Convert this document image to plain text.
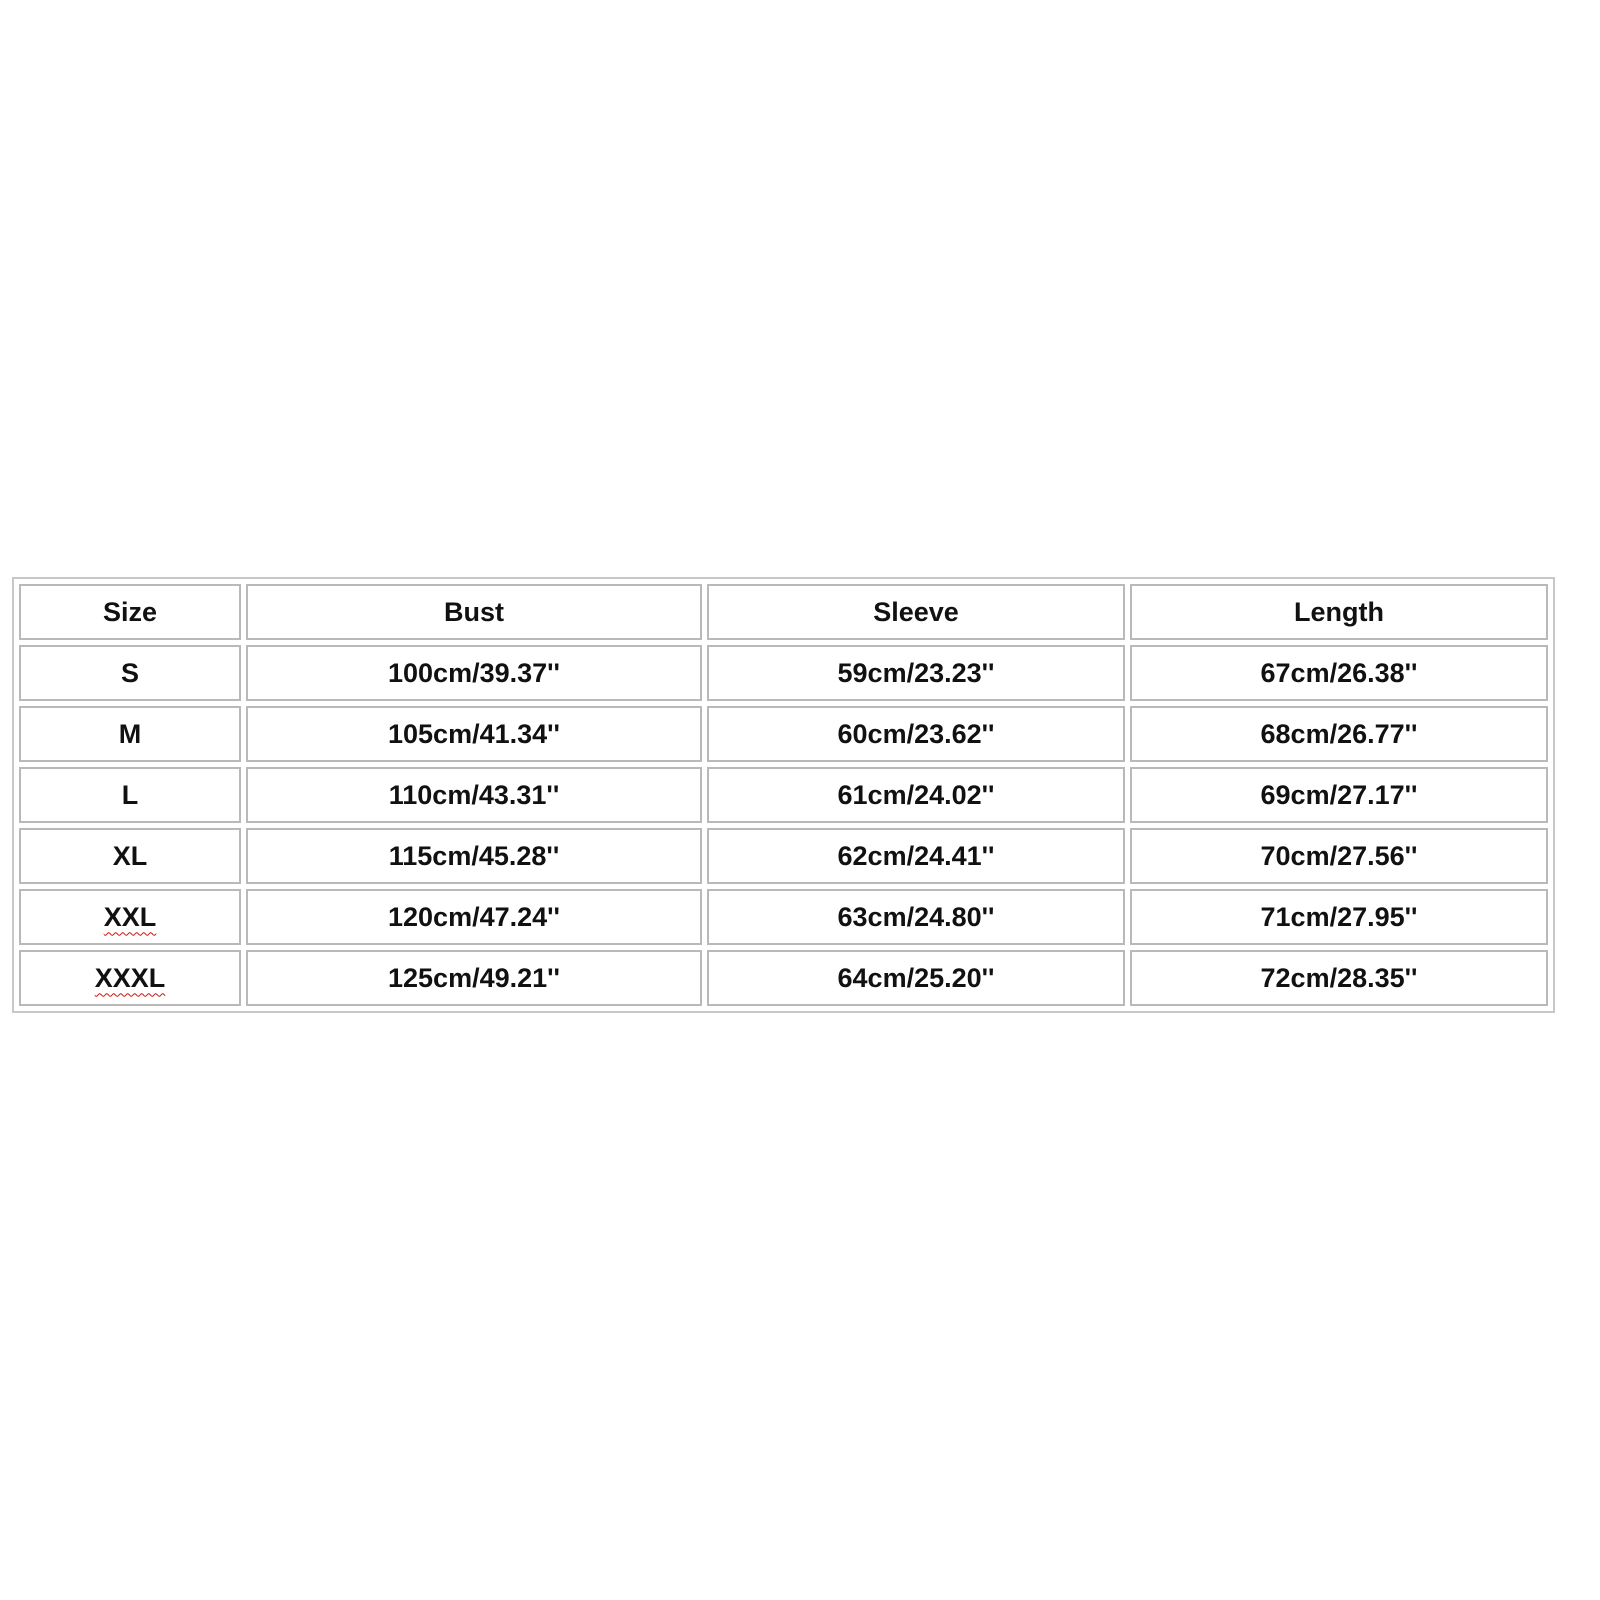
Size	Bust	Sleeve	Length
S	100cm/39.37''	59cm/23.23''	67cm/26.38''
M	105cm/41.34''	60cm/23.62''	68cm/26.77''
L	110cm/43.31''	61cm/24.02''	69cm/27.17''
XL	115cm/45.28''	62cm/24.41''	70cm/27.56''
XXL	120cm/47.24''	63cm/24.80''	71cm/27.95''
XXXL	125cm/49.21''	64cm/25.20''	72cm/28.35''
